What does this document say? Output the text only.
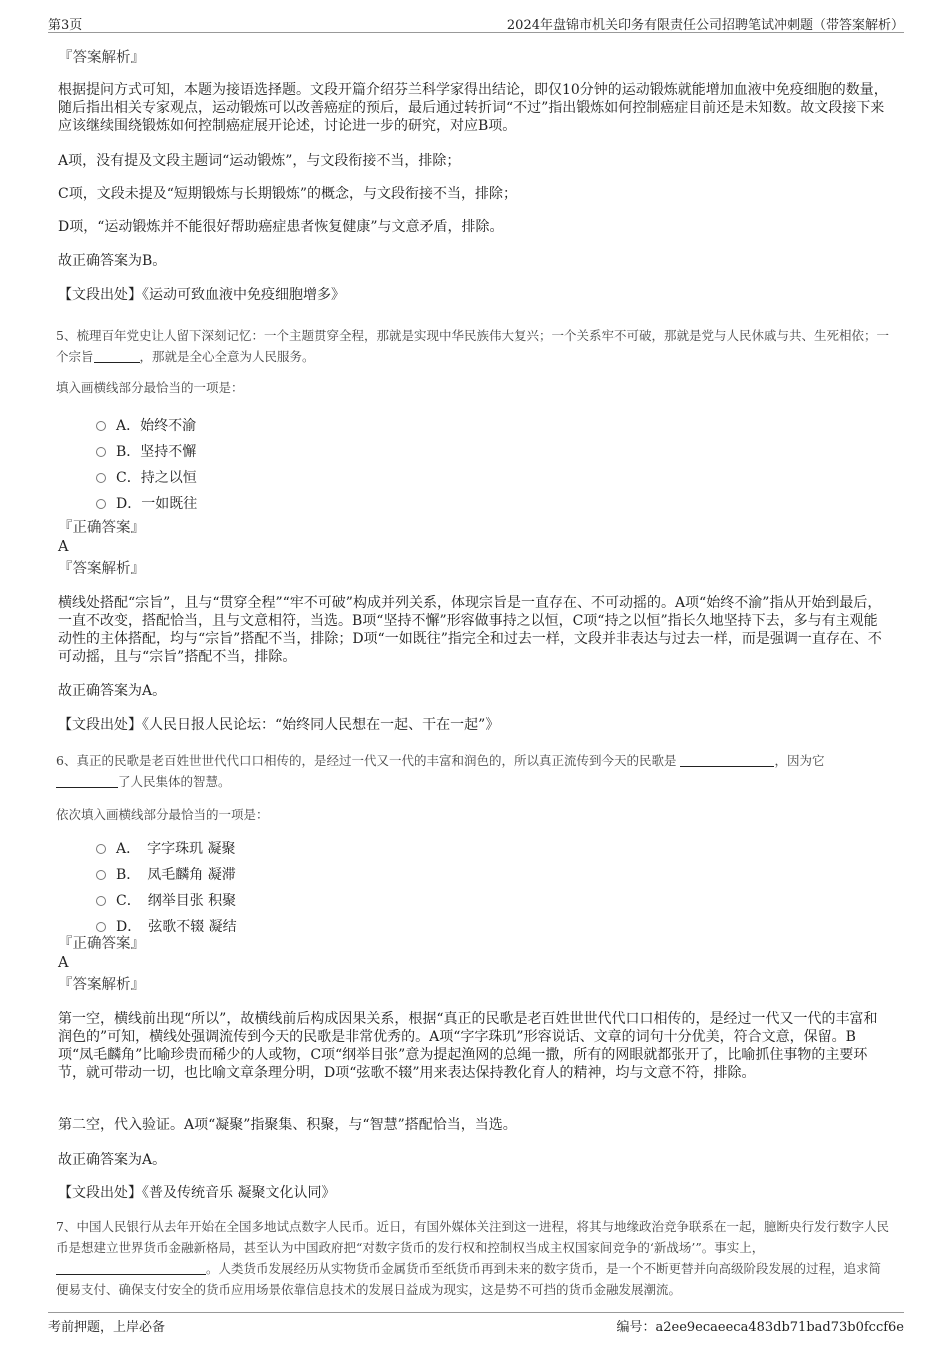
第3页	2024年盘锦市机关印务有限责任公司招聘笔试冲刺题（带答案解析）
『答案解析』
根据提问方式可知，本题为接语选择题。文段开篇介绍芬兰科学家得出结论，即仅10分钟的运动锻炼就能增加血液中免疫细胞的数量，随后指出相关专家观点，运动锻炼可以改善癌症的预后，最后通过转折词“不过”指出锻炼如何控制癌症目前还是未知数。故文段接下来应该继续围绕锻炼如何控制癌症展开论述，讨论进一步的研究，对应B项。
A项，没有提及文段主题词“运动锻炼”，与文段衔接不当，排除；
C项，文段未提及“短期锻炼与长期锻炼”的概念，与文段衔接不当，排除；
D项，“运动锻炼并不能很好帮助癌症患者恢复健康”与文意矛盾，排除。
故正确答案为B。
【文段出处】《运动可致血液中免疫细胞增多》
5、梳理百年党史让人留下深刻记忆：一个主题贯穿全程，那就是实现中华民族伟大复兴；一个关系牢不可破，那就是党与人民休戚与共、生死相依；一个宗旨	，那就是全心全意为人民服务。
填入画横线部分最恰当的一项是：
A．始终不渝
B．坚持不懈
C．持之以恒
D．一如既往
『正确答案』
A
『答案解析』
横线处搭配“宗旨”，且与“贯穿全程”“牢不可破”构成并列关系，体现宗旨是一直存在、不可动摇的。A项“始终不渝”指从开始到最后，一直不改变，搭配恰当，且与文意相符，当选。B项“坚持不懈”形容做事持之以恒，C项“持之以恒”指长久地坚持下去，多与有主观能动性的主体搭配，均与“宗旨”搭配不当，排除；D项“一如既往”指完全和过去一样，文段并非表达与过去一样，而是强调一直存在、不可动摇，且与“宗旨”搭配不当，排除。
故正确答案为A。
【文段出处】《人民日报人民论坛：“始终同人民想在一起、干在一起”》
6、真正的民歌是老百姓世世代代口口相传的，是经过一代又一代的丰富和润色的，所以真正流传到今天的民歌是	，因为它
了人民集体的智慧。
依次填入画横线部分最恰当的一项是：
A．　字字珠玑 凝聚
B．　凤毛麟角 凝滞
C．　纲举目张 积聚
D．　弦歌不辍 凝结
『正确答案』
A
『答案解析』
第一空，横线前出现“所以”，故横线前后构成因果关系，根据“真正的民歌是老百姓世世代代口口相传的，是经过一代又一代的丰富和润色的”可知，横线处强调流传到今天的民歌是非常优秀的。A项“字字珠玑”形容说话、文章的词句十分优美，符合文意，保留。B项“凤毛麟角”比喻珍贵而稀少的人或物，C项“纲举目张”意为提起渔网的总绳一撒，所有的网眼就都张开了，比喻抓住事物的主要环节，就可带动一切，也比喻文章条理分明，D项“弦歌不辍”用来表达保持教化育人的精神，均与文意不符，排除。
第二空，代入验证。A项“凝聚”指聚集、积聚，与“智慧”搭配恰当，当选。
故正确答案为A。
【文段出处】《普及传统音乐 凝聚文化认同》
7、中国人民银行从去年开始在全国多地试点数字人民币。近日，有国外媒体关注到这一进程，将其与地缘政治竞争联系在一起，臆断央行发行数字人民币是想建立世界货币金融新格局，甚至认为中国政府把“对数字货币的发行权和控制权当成主权国家间竞争的‘新战场’”。事实上，。人类货币发展经历从实物货币金属货币至纸货币再到未来的数字货币，是一个不断更替并向高级阶段发展的过程，追求简便易支付、确保支付安全的货币应用场景依靠信息技术的发展日益成为现实，这是势不可挡的货币金融发展潮流。
考前押题，上岸必备	编号：a2ee9ecaeeca483db71bad73b0fccf6e
